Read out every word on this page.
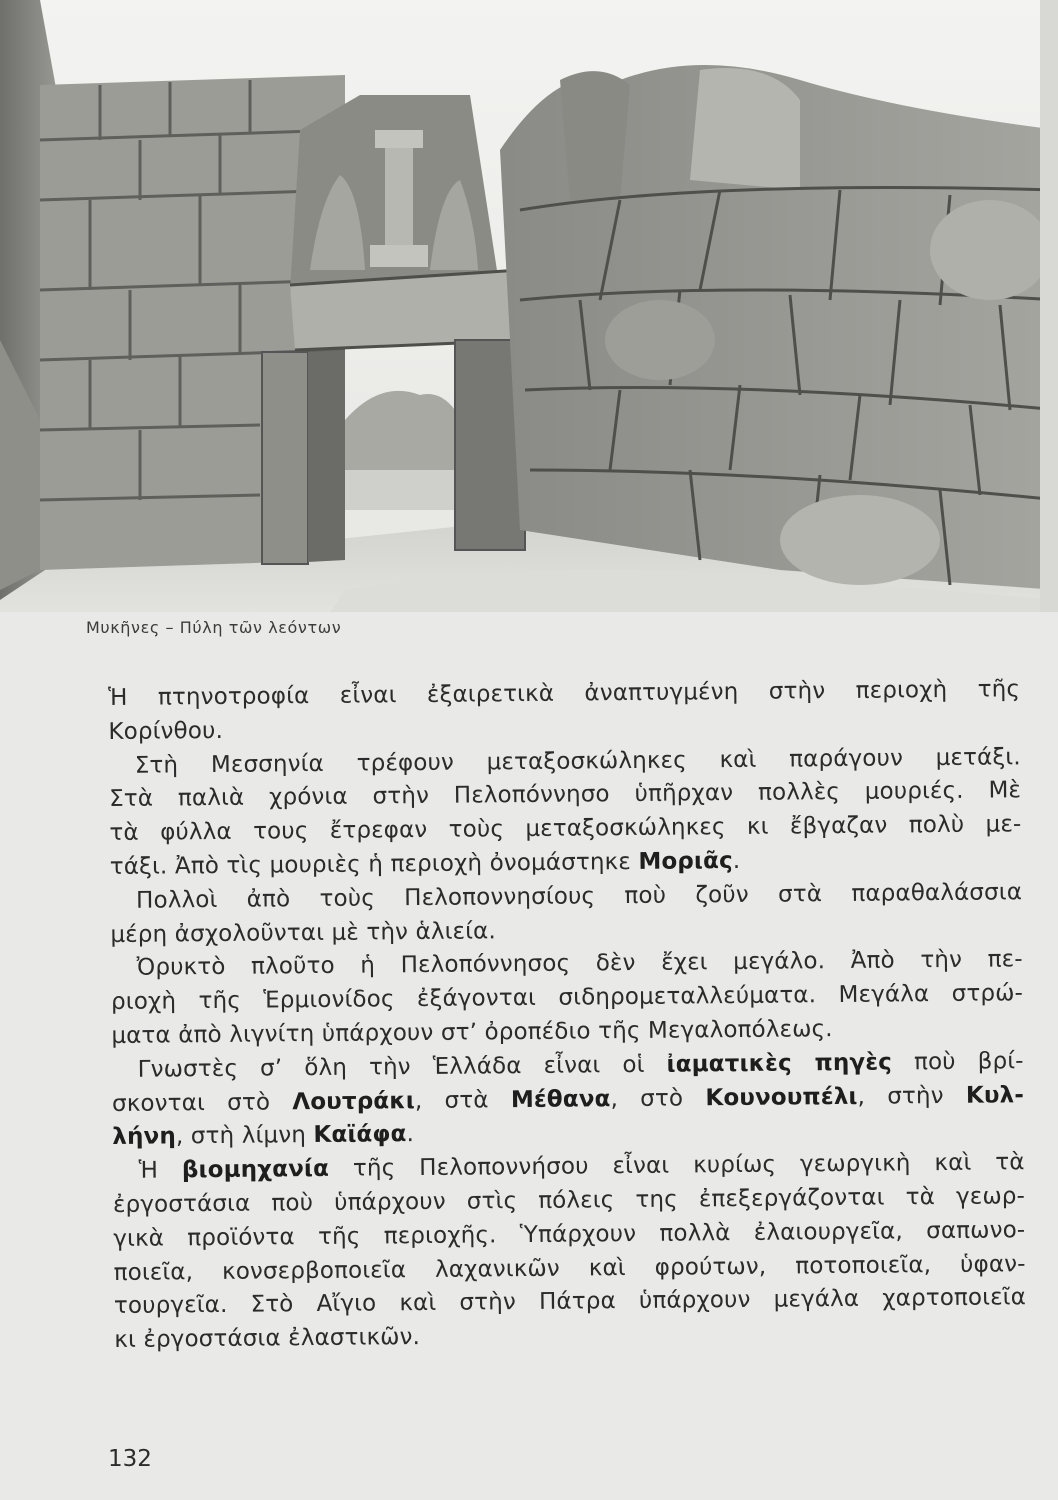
Μυκῆνες – Πύλη τῶν λεόντων
Ἡ πτηνοτροφία εἶναι ἐξαιρετικὰ ἀναπτυγμένη στὴν περιοχὴ τῆς
Κορίνθου.
Στὴ Μεσσηνία τρέφουν μεταξοσκώληκες καὶ παράγουν μετάξι.
Στὰ παλιὰ χρόνια στὴν Πελοπόννησο ὑπῆρχαν πολλὲς μουριές. Μὲ
τὰ φύλλα τους ἔτρεφαν τοὺς μεταξοσκώληκες κι ἔβγαζαν πολὺ με-
τάξι. Ἀπὸ τὶς μουριὲς ἡ περιοχὴ ὀνομάστηκε Μοριᾶς.
Πολλοὶ ἀπὸ τοὺς Πελοποννησίους ποὺ ζοῦν στὰ παραθαλάσσια
μέρη ἀσχολοῦνται μὲ τὴν ἁλιεία.
Ὀρυκτὸ πλοῦτο ἡ Πελοπόννησος δὲν ἔχει μεγάλο. Ἀπὸ τὴν πε-
ριοχὴ τῆς Ἑρμιονίδος ἐξάγονται σιδηρομεταλλεύματα. Μεγάλα στρώ-
ματα ἀπὸ λιγνίτη ὑπάρχουν στ’ ὀροπέδιο τῆς Μεγαλοπόλεως.
Γνωστὲς σ’ ὅλη τὴν Ἑλλάδα εἶναι οἱ ἰαματικὲς πηγὲς ποὺ βρί-
σκονται στὸ Λουτράκι, στὰ Μέθανα, στὸ Κουνουπέλι, στὴν Κυλ-
λήνη, στὴ λίμνη Καϊάφα.
Ἡ βιομηχανία τῆς Πελοποννήσου εἶναι κυρίως γεωργικὴ καὶ τὰ
ἐργοστάσια ποὺ ὑπάρχουν στὶς πόλεις της ἐπεξεργάζονται τὰ γεωρ-
γικὰ προϊόντα τῆς περιοχῆς. Ὑπάρχουν πολλὰ ἐλαιουργεῖα, σαπωνο-
ποιεῖα, κονσερβοποιεῖα λαχανικῶν καὶ φρούτων, ποτοποιεῖα, ὑφαν-
τουργεῖα. Στὸ Αἴγιο καὶ στὴν Πάτρα ὑπάρχουν μεγάλα χαρτοποιεῖα
κι ἐργοστάσια ἐλαστικῶν.
132
